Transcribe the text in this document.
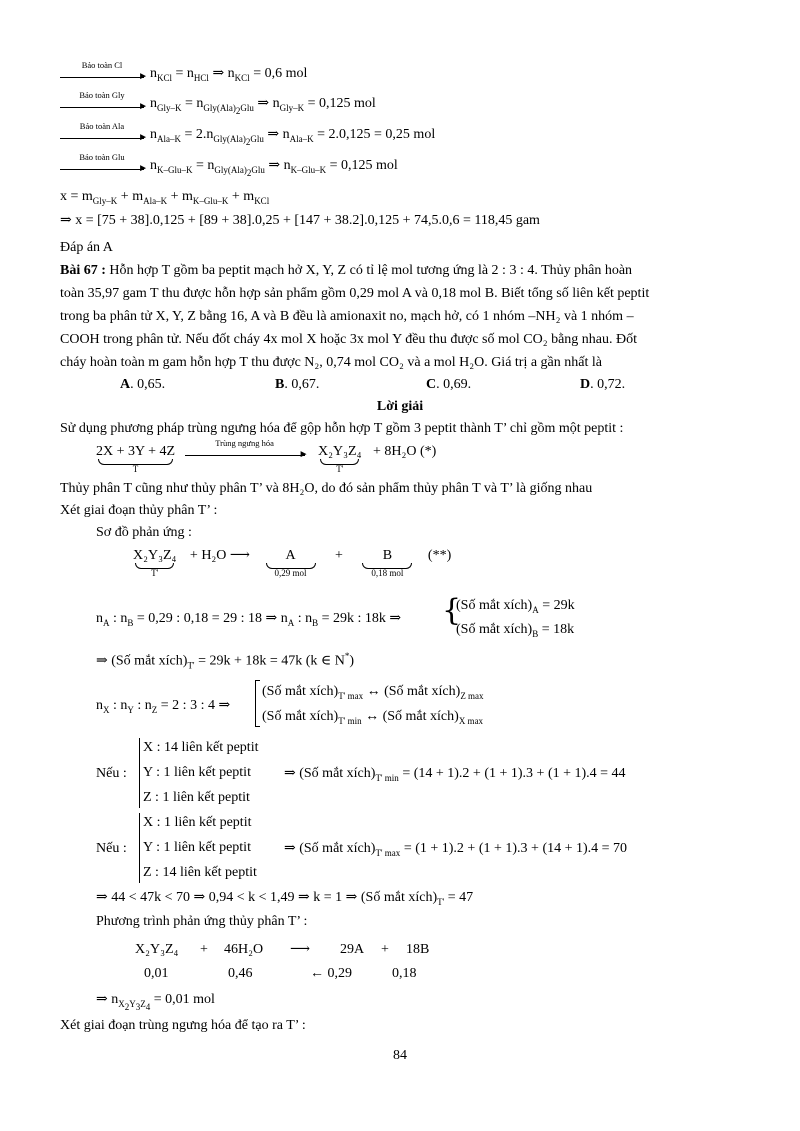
Bảo toàn Cl
► $n_{KCl} = n_{HCl}$ ⇒ $n_{KCl} = 0,6$ mol
Bảo toàn Gly
► $n_{Gly-K} = n_{Gly(Ala)_2Glu}$ ⇒ $n_{Gly-K} = 0,125$ mol
Bảo toàn Ala
► $n_{Ala-K} = 2.n_{Gly(Ala)_2Glu}$ ⇒ $n_{Ala-K} = 2.0,125 = 0,25$ mol
Bảo toàn Glu
► $n_{K-Glu-K} = n_{Gly(Ala)_2Glu}$ ⇒ $n_{K-Glu-K} = 0,125$ mol
$x = m_{Gly-K} + m_{Ala-K} + m_{K-Glu-K} + m_{KCl}$
⇒ x = [75 + 38].0,125 + [89 + 38].0,25 + [147 + 38.2].0,125 + 74,5.0,6 = 118,45 gam
Đáp án A
Bài 67 : Hỗn hợp T gồm ba peptit mạch hở X, Y, Z có tỉ lệ mol tương ứng là 2 : 3 : 4. Thủy phân hoàn
toàn 35,97 gam T thu được hỗn hợp sản phẩm gồm 0,29 mol A và 0,18 mol B. Biết tổng số liên kết peptit
trong ba phân tử X, Y, Z bằng 16, A và B đều là amionaxit no, mạch hở, có 1 nhóm –NH₂ và 1 nhóm –
COOH trong phân tử. Nếu đốt cháy 4x mol X hoặc 3x mol Y đều thu được số mol CO₂ bằng nhau. Đốt
cháy hoàn toàn m gam hỗn hợp T thu được N₂, 0,74 mol CO₂ và a mol H₂O. Giá trị a gần nhất là
A. 0,65.	B. 0,67.	C. 0,69.	D. 0,72.
Lời giải
Sử dụng phương pháp trùng ngưng hóa để gộp hỗn hợp T gồm 3 peptit thành T’ chỉ gồm một peptit :
2X + 3Y + 4Z
T

Trùng ngưng hóa
►
X₂Y₃Z₄
T'
+ 8H₂O (*)
Thủy phân T cũng như thủy phân T’ và 8H₂O, do đó sản phẩm thủy phân T và T’ là giống nhau
Xét giai đoạn thủy phân T’ :
Sơ đồ phản ứng :
X₂Y₃Z₄
T'
+ H₂O ⟶	A
0,29 mol
+	B
0,18 mol
(**)
$n_A$ : $n_B = 0,29$ : 0,18 = 29 : 18 ⇒ $n_A$ : $n_B = 29k$ : 18k ⇒ {
(Số mắt $xích)_A = 29k$
(Số mắt $xích)_B = 18k$
⇒ (Số mắt $xích)_{T'} = 29k + 18k = 47k$ (k ∈ N*)
$n_X$ : $n_Y$ : $n_Z = 2$ : 3 : 4 ⇒
(Số mắt $xích)_{T' max}$ ↔ (Số mắt $xích)_{Z max}$
(Số mắt $xích)_{T' min}$ ↔ (Số mắt $xích)_{X max}$
Nếu :
X : 14 liên kết peptit
Y : 1 liên kết peptit
Z : 1 liên kết peptit
⇒ (Số mắt $xích)_{T' min} = (14 + 1).2 + (1 + 1).3 + (1 + 1).4 = 44$
Nếu :
X : 1 liên kết peptit
Y : 1 liên kết peptit
Z : 14 liên kết peptit
⇒ (Số mắt $xích)_{T' max} = (1 + 1).2 + (1 + 1).3 + (14 + 1).4 = 70$
⇒ 44 < 47k < 70 ⇒ 0,94 < k < 1,49 ⇒ k = 1 ⇒ (Số mắt $xích)_{T'} = 47$
Phương trình phản ứng thủy phân T’ :
X₂Y₃Z₄ + 46H₂O ⟶ 29A + 18B
0,01	0,46	← 0,29	0,18
⇒ $n_{X_2Y_3Z_4} = 0,01$ mol
Xét giai đoạn trùng ngưng hóa để tạo ra T’ :
84
